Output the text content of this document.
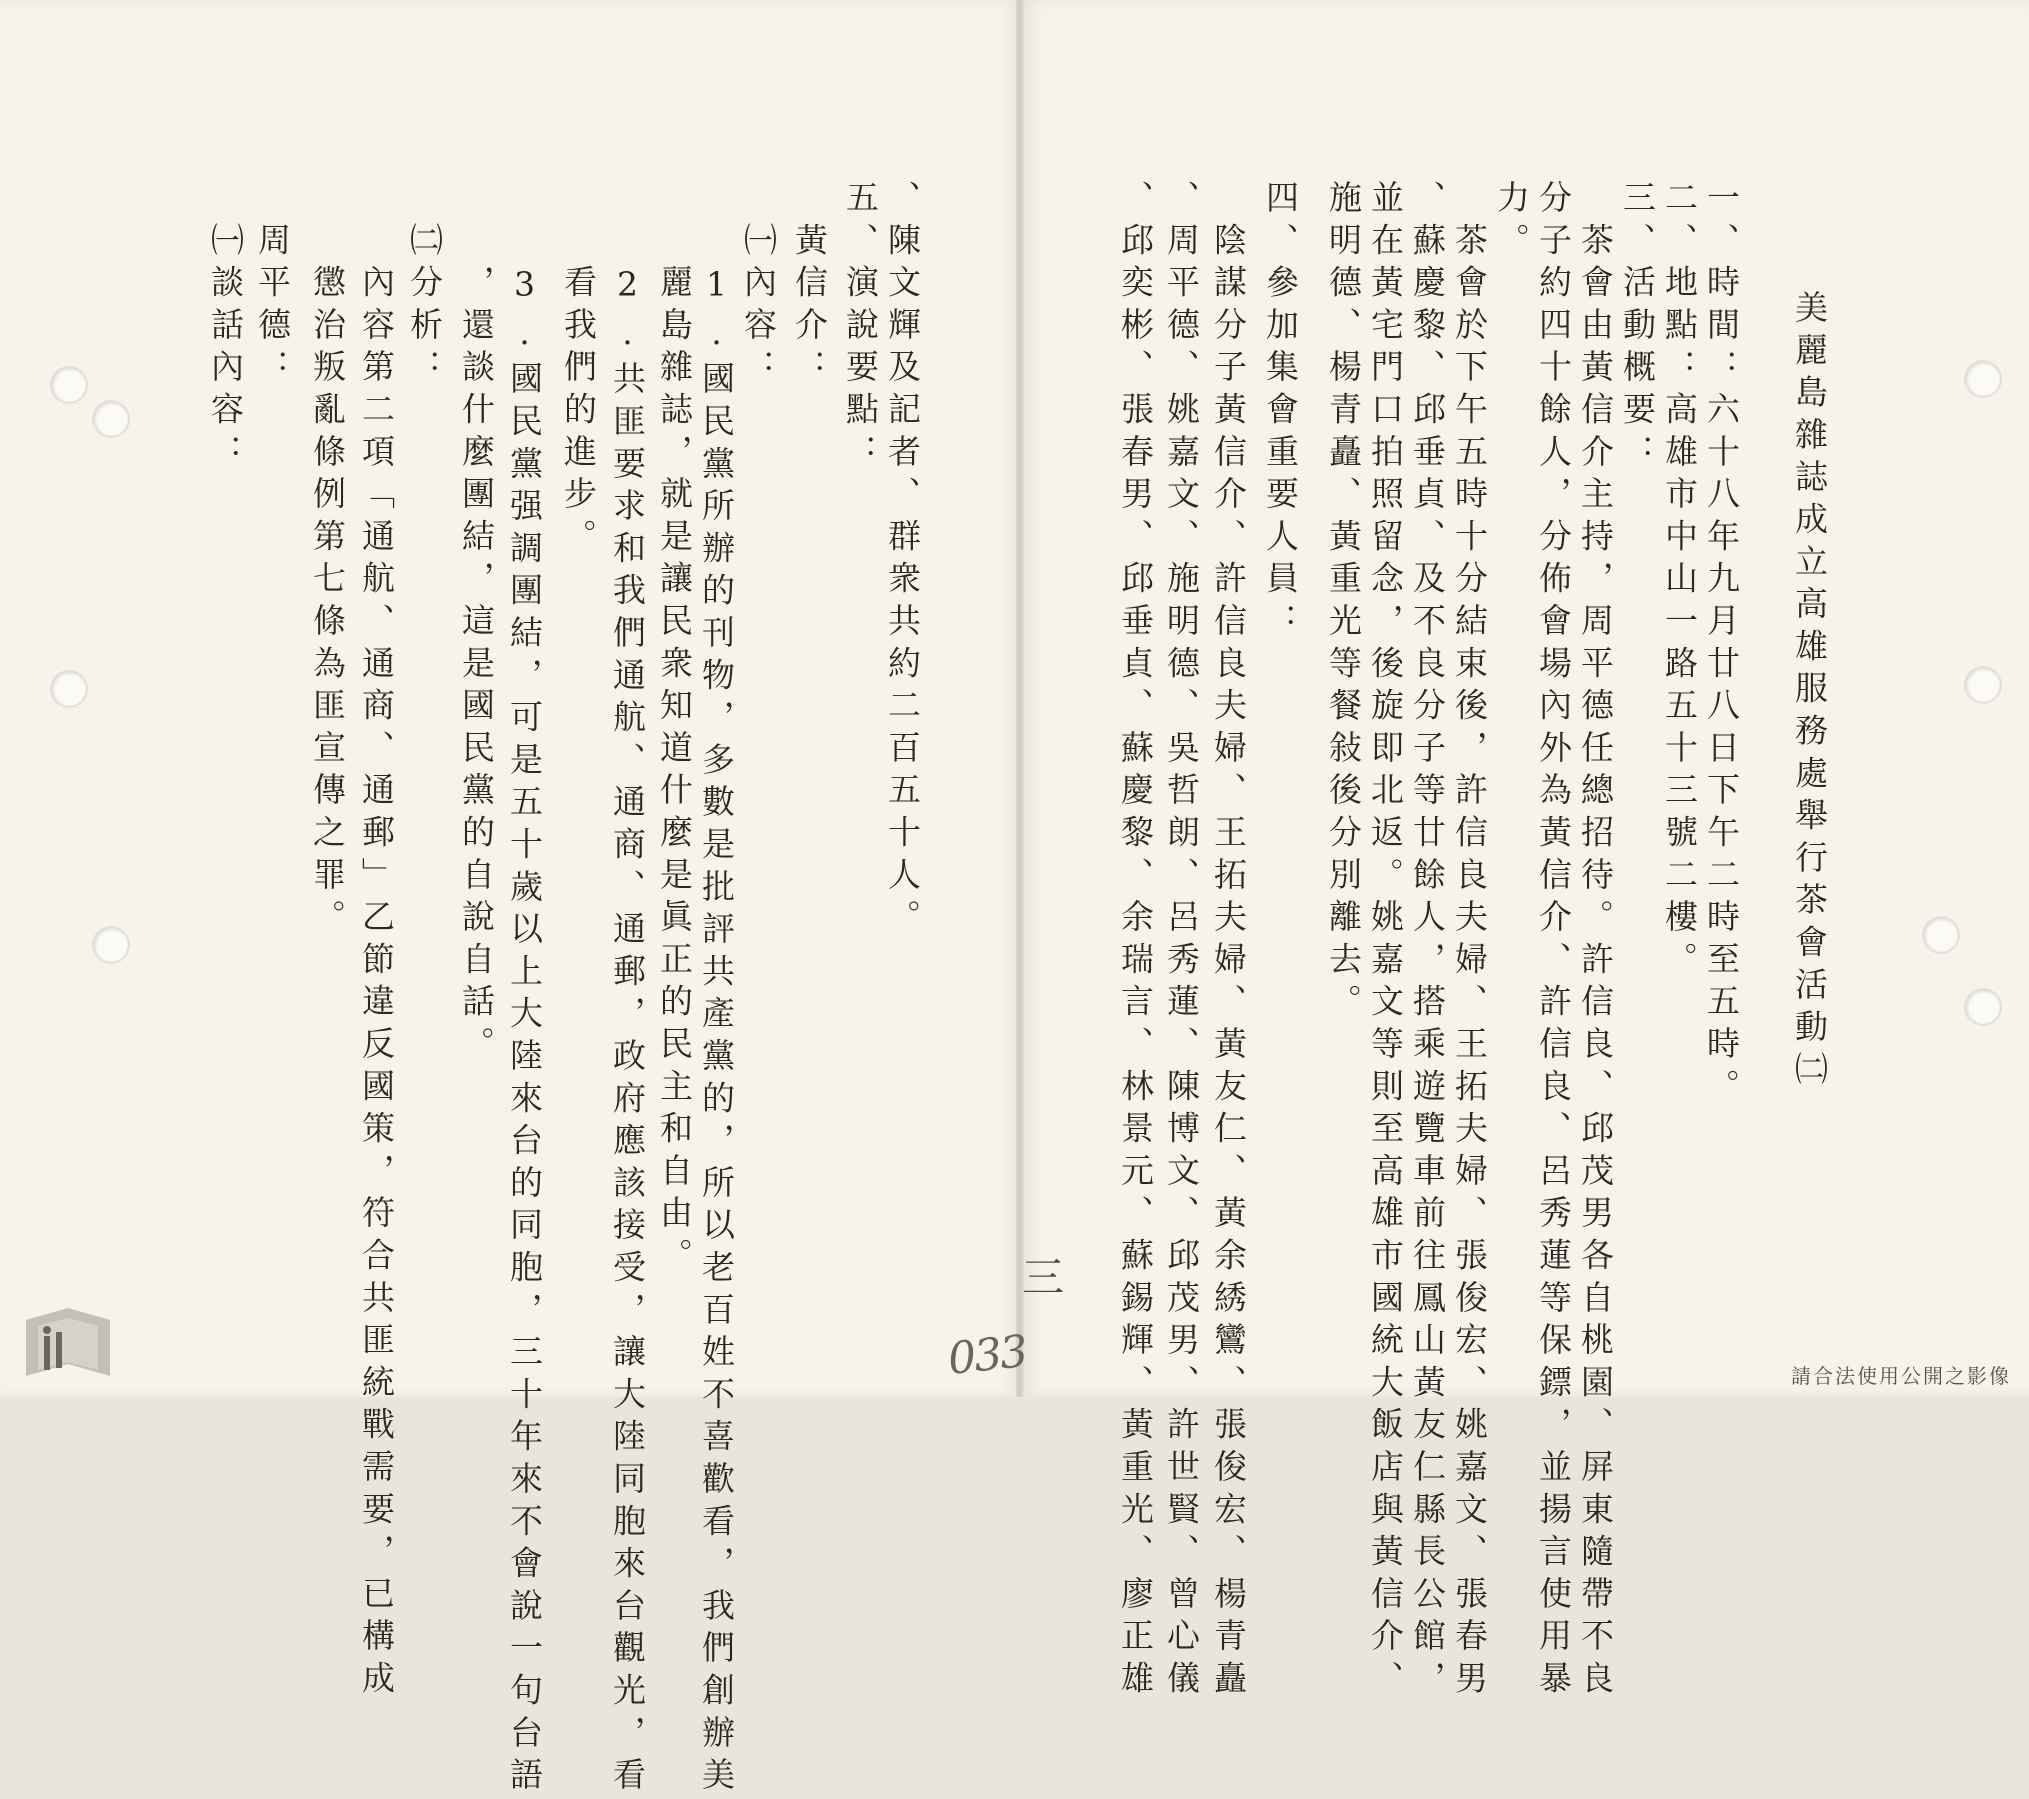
美麗島雜誌成立高雄服務處舉行茶會活動㈡
一、時間：六十八年九月廿八日下午二時至五時。
二、地點：高雄市中山一路五十三號二樓。
三、活動概要：
　茶會由黃信介主持，周平德任總招待。許信良、邱茂男各自桃園、屏東隨帶不良
分子約四十餘人，分佈會場內外為黃信介、許信良、呂秀蓮等保鏢，並揚言使用暴
力。
　茶會於下午五時十分結束後，許信良夫婦、王拓夫婦、張俊宏、姚嘉文、張春男
、蘇慶黎、邱垂貞、及不良分子等廿餘人，搭乘遊覽車前往鳳山黃友仁縣長公館，
並在黃宅門口拍照留念，後旋即北返。姚嘉文等則至高雄市國統大飯店與黃信介、
施明德、楊青矗、黃重光等餐敍後分別離去。
四、參加集會重要人員：
　陰謀分子黃信介、許信良夫婦、王拓夫婦、黃友仁、黃余綉鸞、張俊宏、楊青矗
、周平德、姚嘉文、施明德、吳哲朗、呂秀蓮、陳博文、邱茂男、許世賢、曾心儀
、邱奕彬、張春男、邱垂貞、蘇慶黎、余瑞言、林景元、蘇錫輝、黃重光、廖正雄
、陳文輝及記者、群衆共約二百五十人。
五、演說要點：
　黃信介：
　㈠內容：
　　1.國民黨所辦的刊物，多數是批評共產黨的，所以老百姓不喜歡看，我們創辦美
　　麗島雜誌，就是讓民衆知道什麼是眞正的民主和自由。
　　2.共匪要求和我們通航、通商、通郵，政府應該接受，讓大陸同胞來台觀光，看
　　看我們的進步。
　　3.國民黨强調團結，可是五十歲以上大陸來台的同胞，三十年來不會說一句台語
　　，還談什麼團結，這是國民黨的自說自話。
　㈡分析：
　　內容第二項「通航、通商、通郵」乙節違反國策，符合共匪統戰需要，已構成
　　懲治叛亂條例第七條為匪宣傳之罪。
　周平德：
　㈠談話內容：
三
033	請合法使用公開之影像
